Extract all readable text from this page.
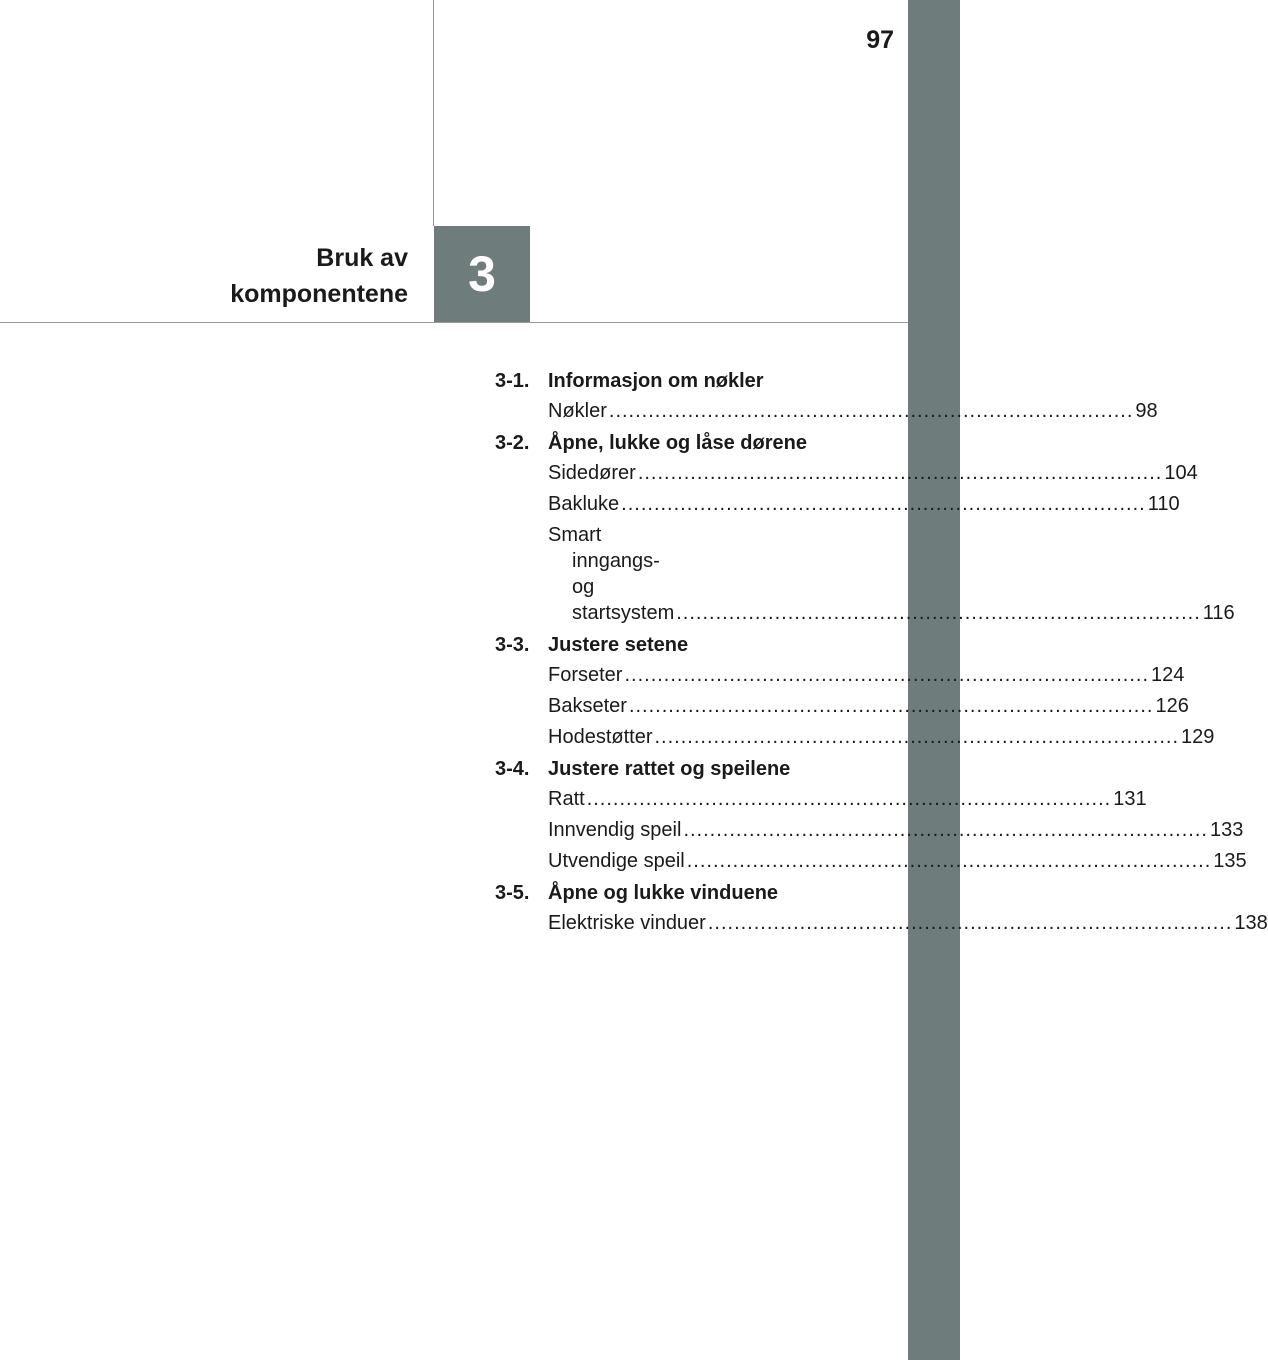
97
Bruk av
komponentene	3
3-1. Informasjon om nøkler
Nøkler ................................................................................ 98
3-2. Åpne, lukke og låse dørene
Sidedører ................................................................................ 104
Bakluke ................................................................................ 110
Smart inngangs- og startsystem ................................................................................ 116
3-3. Justere setene
Forseter ................................................................................ 124
Bakseter ................................................................................ 126
Hodestøtter ................................................................................ 129
3-4. Justere rattet og speilene
Ratt ................................................................................ 131
Innvendig speil ................................................................................ 133
Utvendige speil ................................................................................ 135
3-5. Åpne og lukke vinduene
Elektriske vinduer ................................................................................ 138
